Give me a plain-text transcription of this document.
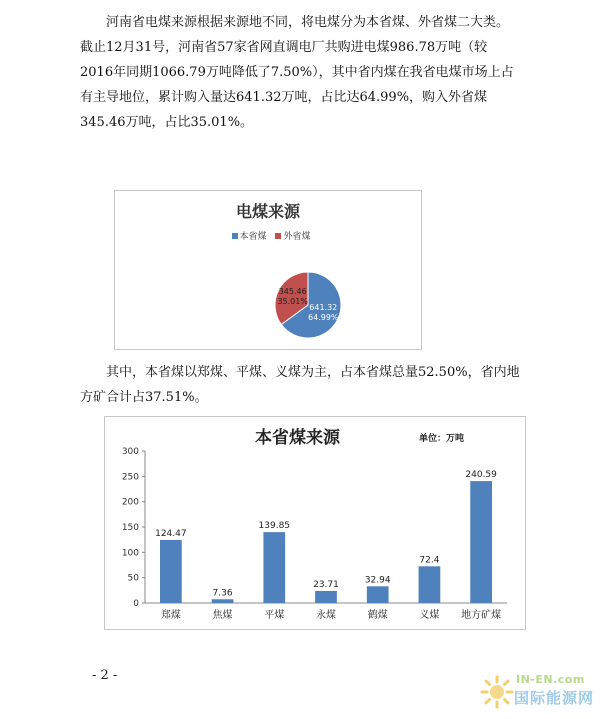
河南省电煤来源根据来源地不同，将电煤分为本省煤、外省煤二大类。截止12月31号，河南省57家省网直调电厂共购进电煤986.78万吨（较2016年同期1066.79万吨降低了7.50%），其中省内煤在我省电煤市场上占有主导地位，累计购入量达641.32万吨，占比达64.99%，购入外省煤345.46万吨，占比35.01%。

电煤来源
本省煤 外省煤
641.32
64.99%
345.46
35.01%

其中，本省煤以郑煤、平煤、义煤为主，占本省煤总量52.50%，省内地方矿合计占37.51%。

本省煤来源	单位：万吨
0
50
100
150
200
250
300
124.47
郑煤
7.36
焦煤
139.85
平煤
23.71
永煤
32.94
鹤煤
72.4
义煤
240.59
地方矿煤
- 2 -	IN-EN.com
国际能源网
